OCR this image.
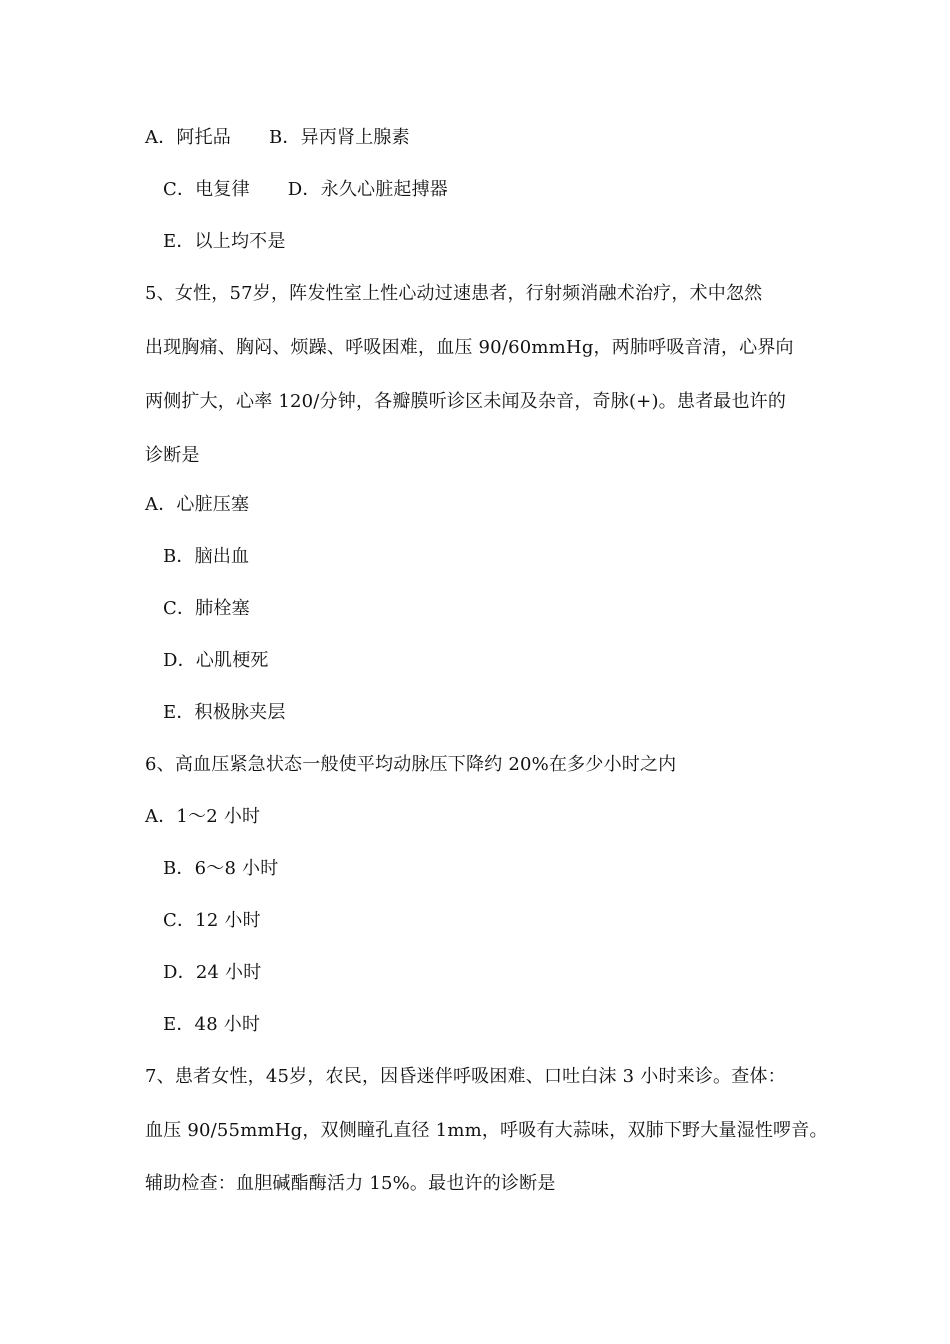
A．阿托品 B．异丙肾上腺素
C．电复律 D．永久心脏起搏器
E．以上均不是
5、女性，57岁，阵发性室上性心动过速患者，行射频消融术治疗，术中忽然
出现胸痛、胸闷、烦躁、呼吸困难，血压 90/60mmHg，两肺呼吸音清，心界向
两侧扩大，心率 120/分钟，各瓣膜听诊区未闻及杂音，奇脉(+)。患者最也许的
诊断是
A．心脏压塞
B．脑出血
C．肺栓塞
D．心肌梗死
E．积极脉夹层
6、高血压紧急状态一般使平均动脉压下降约 20%在多少小时之内
A．1～2 小时
B．6～8 小时
C．12 小时
D．24 小时
E．48 小时
7、患者女性，45岁，农民，因昏迷伴呼吸困难、口吐白沫 3 小时来诊。查体：
血压 90/55mmHg，双侧瞳孔直径 1mm，呼吸有大蒜味，双肺下野大量湿性啰音。
辅助检查：血胆碱酯酶活力 15%。最也许的诊断是
